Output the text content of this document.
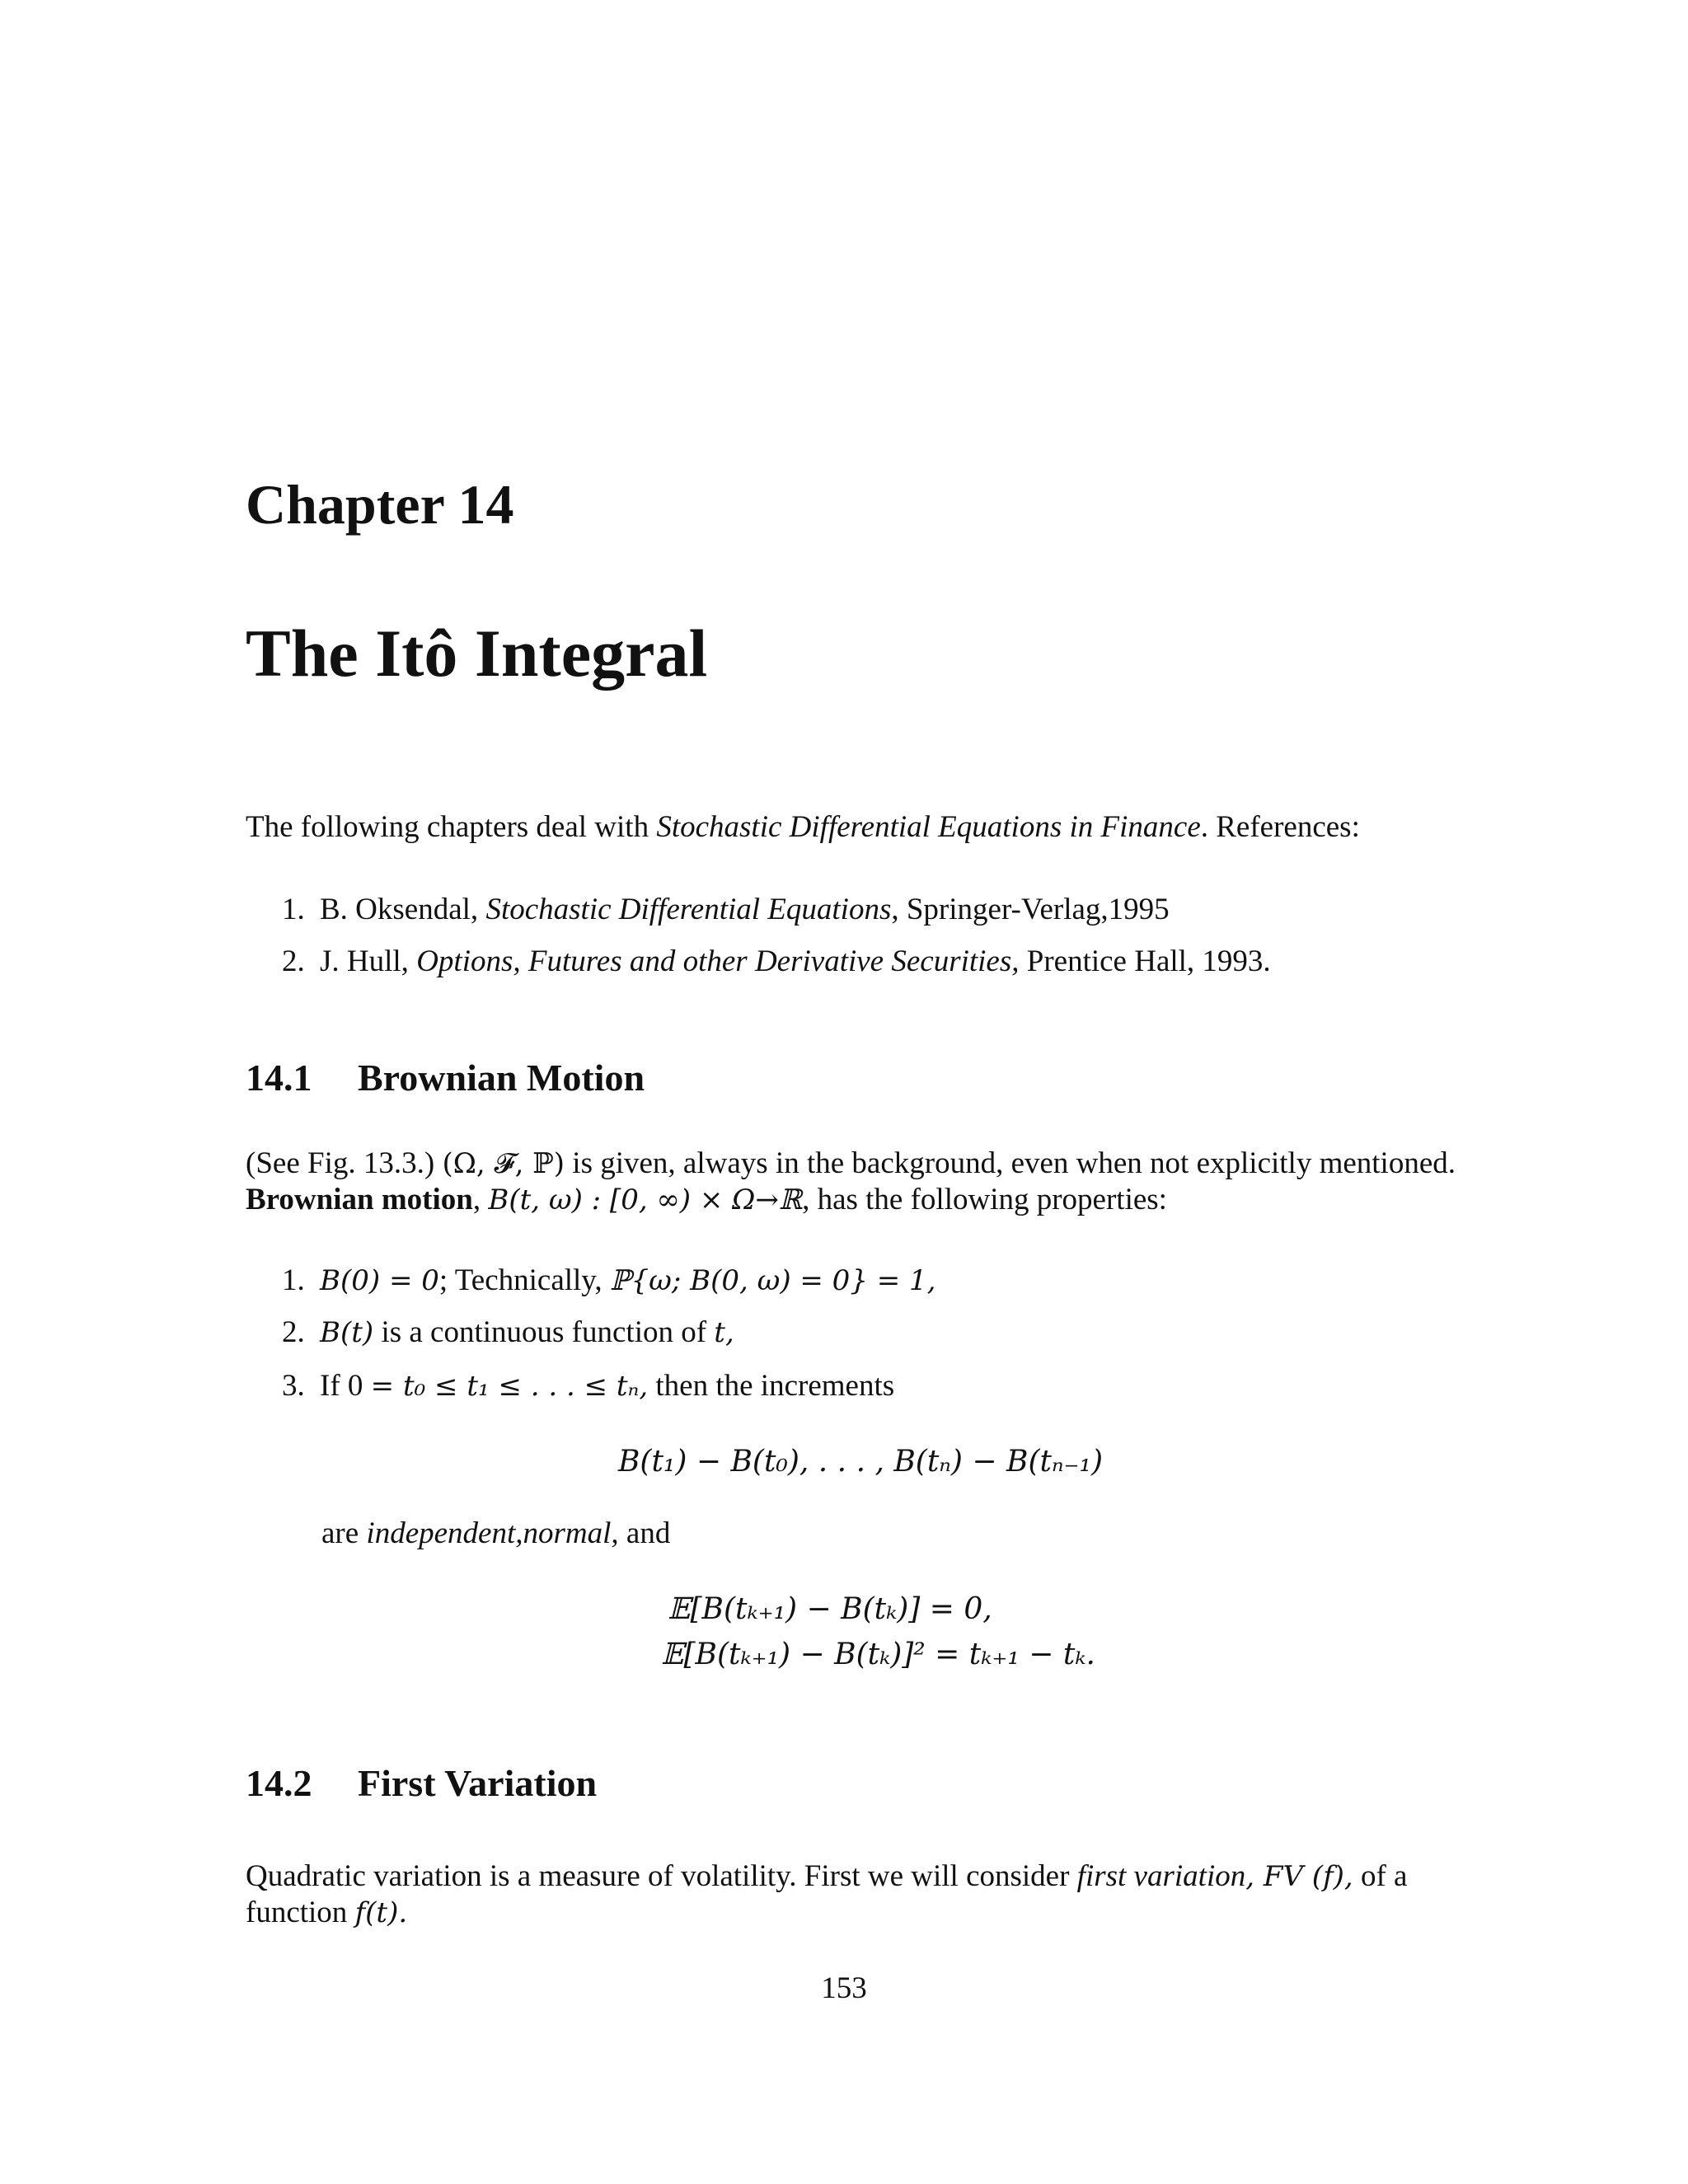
Chapter 14
The Itô Integral
The following chapters deal with Stochastic Differential Equations in Finance. References:
1. B. Oksendal, Stochastic Differential Equations, Springer-Verlag,1995
2. J. Hull, Options, Futures and other Derivative Securities, Prentice Hall, 1993.
14.1 Brownian Motion
(See Fig. 13.3.) (Ω, 𝓕, ℙ) is given, always in the background, even when not explicitly mentioned.
Brownian motion, B(t, ω) : [0, ∞) × Ω→ℝ, has the following properties:
1. B(0) = 0; Technically, ℙ{ω; B(0, ω) = 0} = 1,
2. B(t) is a continuous function of t,
3. If 0 = t₀ ≤ t₁ ≤ . . . ≤ tₙ, then the increments
B(t₁) − B(t₀), . . . , B(tₙ) − B(tₙ₋₁)
are independent,normal, and
𝔼[B(tₖ₊₁) − B(tₖ)] = 0,
𝔼[B(tₖ₊₁) − B(tₖ)]² = tₖ₊₁ − tₖ.
14.2 First Variation
Quadratic variation is a measure of volatility. First we will consider first variation, FV (f), of a
function f(t).
153
